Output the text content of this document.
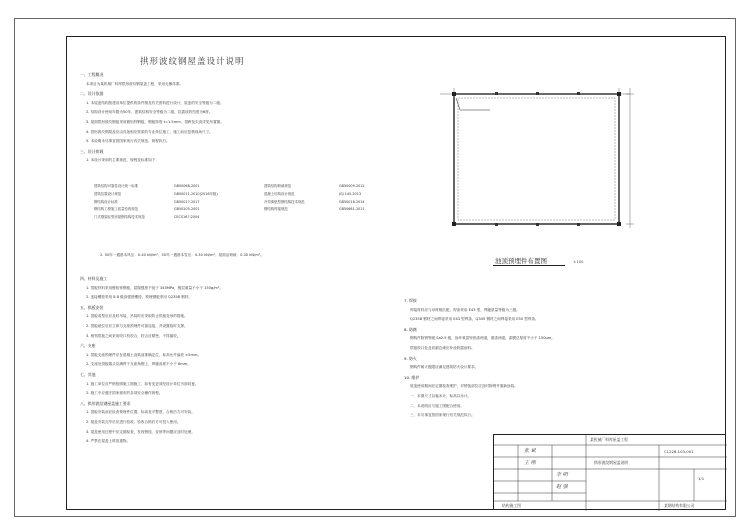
拱形波纹钢屋盖设计说明
一、工程概况
本项目为某机械厂料库拱形波纹钢屋盖工程，采用无檩体系。
二、设计依据
1. 本屋盖结构按建设单位提供的条件图及有关资料进行设计，屋盖的安全等级为二级。
2. 结构设计使用年限为50年，建筑结构安全等级为二级，抗震设防烈度为6度。
3. 屋面拱形波纹钢板采用镀铝锌钢板，钢板厚度 t=1.5mm，拱跨及矢高详见布置图。
4. 拱形波纹钢屋盖应由具备相应资质的专业单位施工，施工前应复核现场尺寸。
5. 本说明未尽事宜按国家现行有关规范、规程执行。
三、设计荷载
1. 本设计采用的主要规范、规程及标准如下：
建筑结构可靠性设计统一标准	GB50068-2001	建筑结构荷载规范	GB50009-2012
建筑抗震设计规范	GB50011-2010(2016年版)	混凝土结构设计规范	JGJ 145-2013
钢结构设计标准	GB50017-2017	冷弯薄壁型钢结构技术规范	GB50018-2014
钢结构工程施工质量验收规范	GB50205-2001	钢结构焊接规范	GB50661-2011
门式刚架轻型房屋钢结构技术规范	CECS167:2004
2. 50年一遇基本风压：0.40 kN/m²；50年一遇基本雪压：0.30 kN/m²；屋面活荷载：0.30 kN/m²。
四、材料及施工
1. 拱板材料采用镀铝锌钢板，屈服强度不低于 345MPa，镀层重量不小于 150g/m²。
2. 连接螺栓采用 8.8 级高强度螺栓，预埋钢板采用 Q235B 钢材。
五、拱板安装
1. 拱板成型后应及时吊装，吊装时应采取防止拱板变形的措施。
2. 拱板就位后应立即与支座预埋件可靠连接，并设置临时支撑。
3. 相邻拱板之间采用咬口机咬合，咬合应紧密，不得漏咬。
六、支座
1. 拱板支座预埋件应在混凝土浇筑前准确定位，标高允许偏差 ±5mm。
2. 支座处拱板端头应满焊于支座角钢上，焊缝高度不小于 6mm。
七、其他
1. 施工单位应严格按照施工图施工，如有变更须经设计单位书面同意。
2. 施工中应遵守国家颁布的各项安全操作规程。
八、拱形波纹钢屋盖施工要求
1. 拱板安装前应检查预埋件位置、标高及平整度，合格后方可安装。
2. 屋盖安装完毕后应进行验收，验收合格后方可投入使用。
3. 屋盖使用过程中应定期检查，发现锈蚀、变形等问题应及时处理。
4. 严禁在屋盖上堆放重物。
池顶预埋件布置图	1:100
7. 焊接
焊接材料应与母材相匹配，焊条采用 E43 型，焊缝质量等级为三级。
Q235B 钢材之间焊接采用 E43 型焊条，Q345 钢材之间焊接采用 E50 型焊条。
8. 防腐
钢构件除锈等级 Sa2.5 级，涂环氧富锌底漆两道，面漆两道，漆膜总厚度不小于 150μm。
拱板咬口处及切割边缘应补涂防腐涂料。
9. 防火
钢构件耐火极限应满足建筑防火设计要求。
10. 维护
屋盖使用期间应定期检查维护，对锈蚀部位应及时除锈并重新涂装。
一、本图尺寸以毫米计，标高以米计。
二、本说明应与施工图配合使用。
三、未尽事宜按国家现行有关规范执行。
某机械厂料库屋盖工程
C1228-103-001
拱形波纹钢屋盖说明
1/1
张 斌
王 刚
李 明
赵 强
结构施工图	某钢结构有限公司
